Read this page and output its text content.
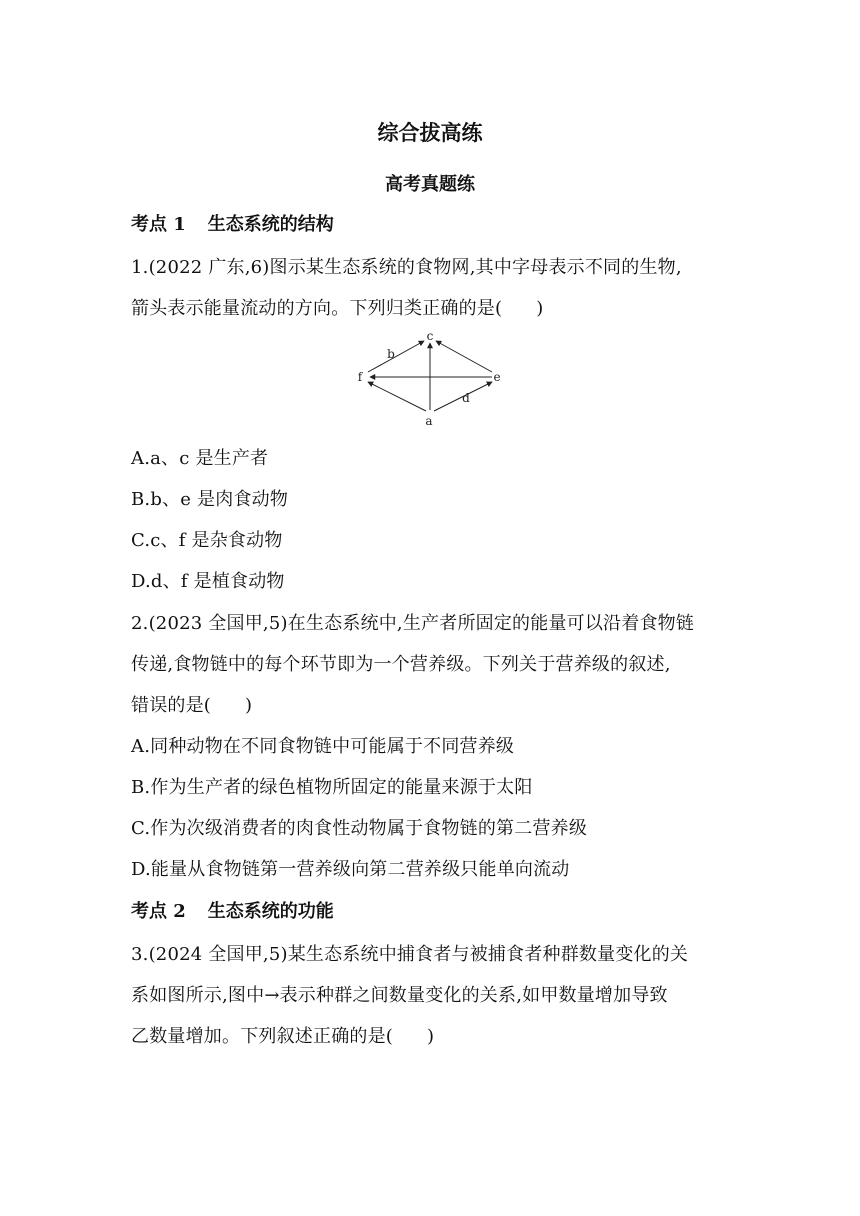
综合拔高练
高考真题练
考点 1 生态系统的结构
1.(2022 广东,6)图示某生态系统的食物网,其中字母表示不同的生物,
箭头表示能量流动的方向。下列归类正确的是( )
c
b
f	e
d
a
A.a、c 是生产者
B.b、e 是肉食动物
C.c、f 是杂食动物
D.d、f 是植食动物
2.(2023 全国甲,5)在生态系统中,生产者所固定的能量可以沿着食物链
传递,食物链中的每个环节即为一个营养级。下列关于营养级的叙述,
错误的是( )
A.同种动物在不同食物链中可能属于不同营养级
B.作为生产者的绿色植物所固定的能量来源于太阳
C.作为次级消费者的肉食性动物属于食物链的第二营养级
D.能量从食物链第一营养级向第二营养级只能单向流动
考点 2 生态系统的功能
3.(2024 全国甲,5)某生态系统中捕食者与被捕食者种群数量变化的关
系如图所示,图中→表示种群之间数量变化的关系,如甲数量增加导致
乙数量增加。下列叙述正确的是( )
